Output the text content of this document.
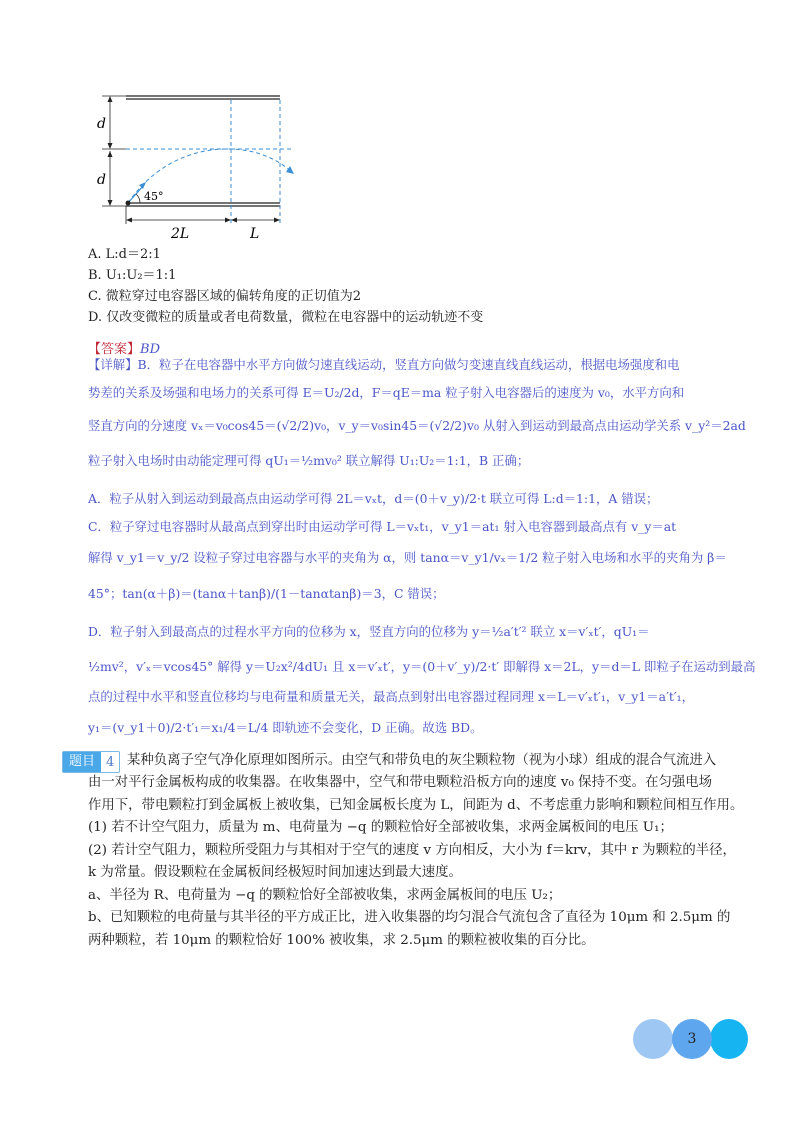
d
d
45°
2L	L
A. L:d＝2:1
B. U₁:U₂＝1:1
C. 微粒穿过电容器区域的偏转角度的正切值为2
D. 仅改变微粒的质量或者电荷数量，微粒在电容器中的运动轨迹不变
【答案】BD
【详解】B．粒子在电容器中水平方向做匀速直线运动，竖直方向做匀变速直线直线运动，根据电场强度和电
势差的关系及场强和电场力的关系可得 E＝U₂/2d，F＝qE＝ma 粒子射入电容器后的速度为 v₀，水平方向和
竖直方向的分速度 vₓ＝v₀cos45＝(√2/2)v₀，v_y＝v₀sin45＝(√2/2)v₀ 从射入到运动到最高点由运动学关系 v_y²＝2ad
粒子射入电场时由动能定理可得 qU₁＝½mv₀² 联立解得 U₁:U₂＝1:1，B 正确；
A．粒子从射入到运动到最高点由运动学可得 2L＝vₓt，d＝(0＋v_y)/2·t 联立可得 L:d＝1:1，A 错误；
C．粒子穿过电容器时从最高点到穿出时由运动学可得 L＝vₓt₁，v_y1＝at₁ 射入电容器到最高点有 v_y＝at
解得 v_y1＝v_y/2 设粒子穿过电容器与水平的夹角为 α，则 tanα＝v_y1/vₓ＝1/2 粒子射入电场和水平的夹角为 β＝
45°；tan(α＋β)＝(tanα＋tanβ)/(1－tanαtanβ)＝3，C 错误；
D．粒子射入到最高点的过程水平方向的位移为 x，竖直方向的位移为 y＝½a′t′² 联立 x＝v′ₓt′，qU₁＝
½mv²，v′ₓ＝vcos45° 解得 y＝U₂x²/4dU₁ 且 x＝v′ₓt′，y＝(0＋v′_y)/2·t′ 即解得 x＝2L，y＝d＝L 即粒子在运动到最高
点的过程中水平和竖直位移均与电荷量和质量无关，最高点到射出电容器过程同理 x＝L＝v′ₓt′₁，v_y1＝a′t′₁，
y₁＝(v_y1＋0)/2·t′₁＝x₁/4＝L/4 即轨迹不会变化，D 正确。故选 BD。
题目 4 某种负离子空气净化原理如图所示。由空气和带负电的灰尘颗粒物（视为小球）组成的混合气流进入
由一对平行金属板构成的收集器。在收集器中，空气和带电颗粒沿板方向的速度 v₀ 保持不变。在匀强电场
作用下，带电颗粒打到金属板上被收集，已知金属板长度为 L，间距为 d、不考虑重力影响和颗粒间相互作用。
(1) 若不计空气阻力，质量为 m、电荷量为 −q 的颗粒恰好全部被收集，求两金属板间的电压 U₁；
(2) 若计空气阻力，颗粒所受阻力与其相对于空气的速度 v 方向相反，大小为 f＝krv，其中 r 为颗粒的半径，
k 为常量。假设颗粒在金属板间经极短时间加速达到最大速度。
a、半径为 R、电荷量为 −q 的颗粒恰好全部被收集，求两金属板间的电压 U₂；
b、已知颗粒的电荷量与其半径的平方成正比，进入收集器的均匀混合气流包含了直径为 10μm 和 2.5μm 的
两种颗粒，若 10μm 的颗粒恰好 100% 被收集，求 2.5μm 的颗粒被收集的百分比。
3
